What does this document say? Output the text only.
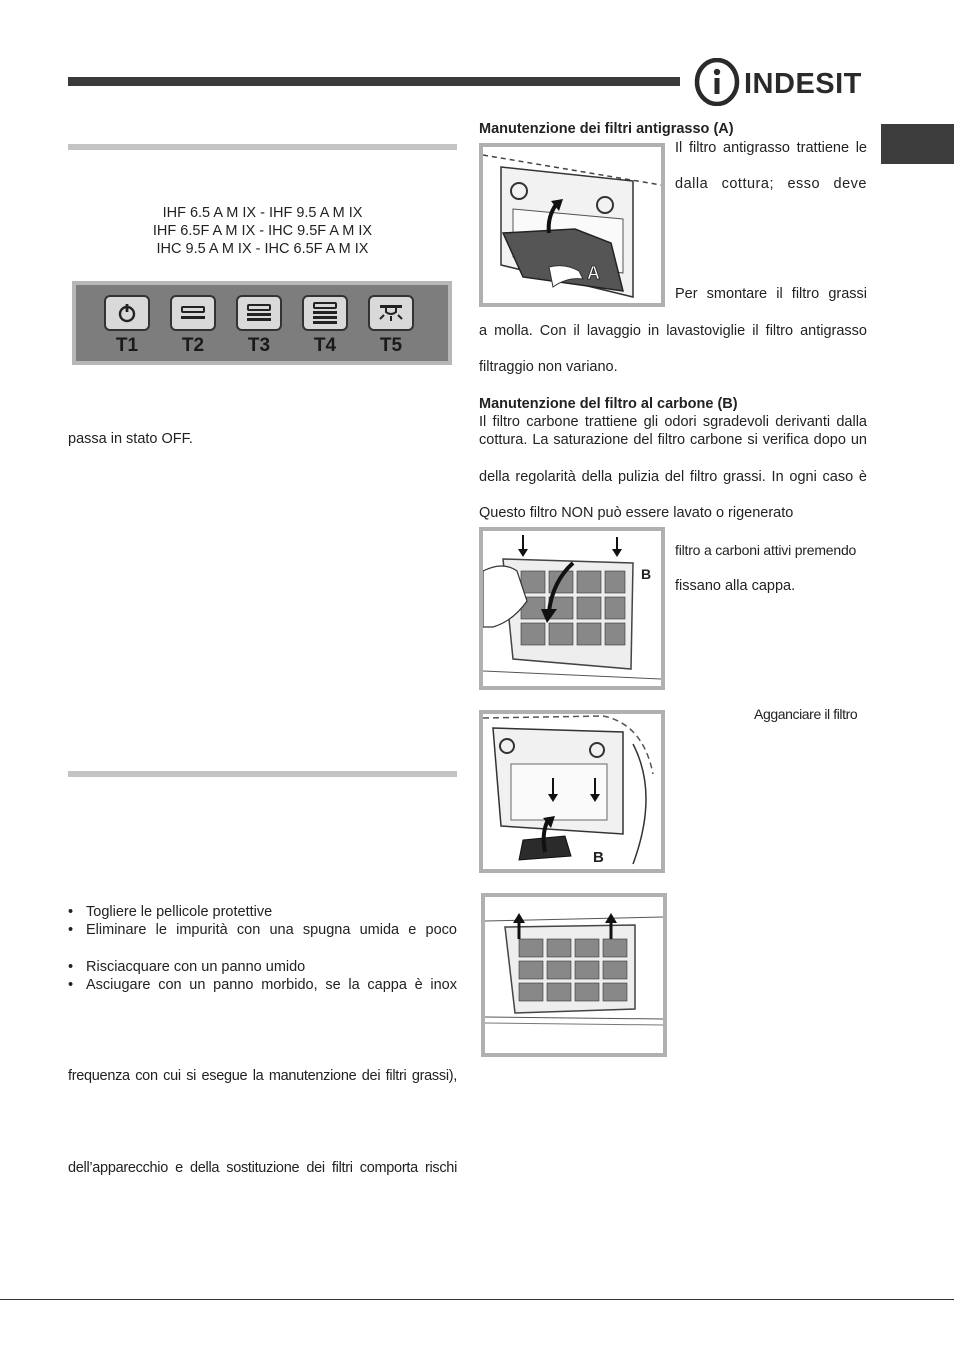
INDESIT
IHF 6.5 A M IX - IHF 9.5 A M IX
IHF 6.5F A M IX - IHC 9.5F A M IX
IHC 9.5 A M IX - IHC 6.5F A M IX
T1	T2	T3	T4	T5
passa in stato OFF.
• Togliere le pellicole protettive
• Eliminare le impurità con una spugna umida e poco
• Risciacquare con un panno umido
• Asciugare con un panno morbido, se la cappa è inox
frequenza con cui si esegue la manutenzione dei filtri grassi),
dell’apparecchio e della sostituzione dei filtri comporta rischi
Manutenzione dei filtri antigrasso (A)
A
Il filtro antigrasso trattiene le
dalla cottura; esso deve
Per smontare il filtro grassi
a molla. Con il lavaggio in lavastoviglie il filtro antigrasso
filtraggio non variano.
Manutenzione del filtro al carbone (B)
Il filtro carbone trattiene gli odori sgradevoli derivanti dalla
cottura. La saturazione del filtro carbone si verifica dopo un
della regolarità della pulizia del filtro grassi. In ogni caso è
Questo filtro NON può essere lavato o rigenerato
B
filtro a carboni attivi premendo
fissano alla cappa.
B
Agganciare il filtro
